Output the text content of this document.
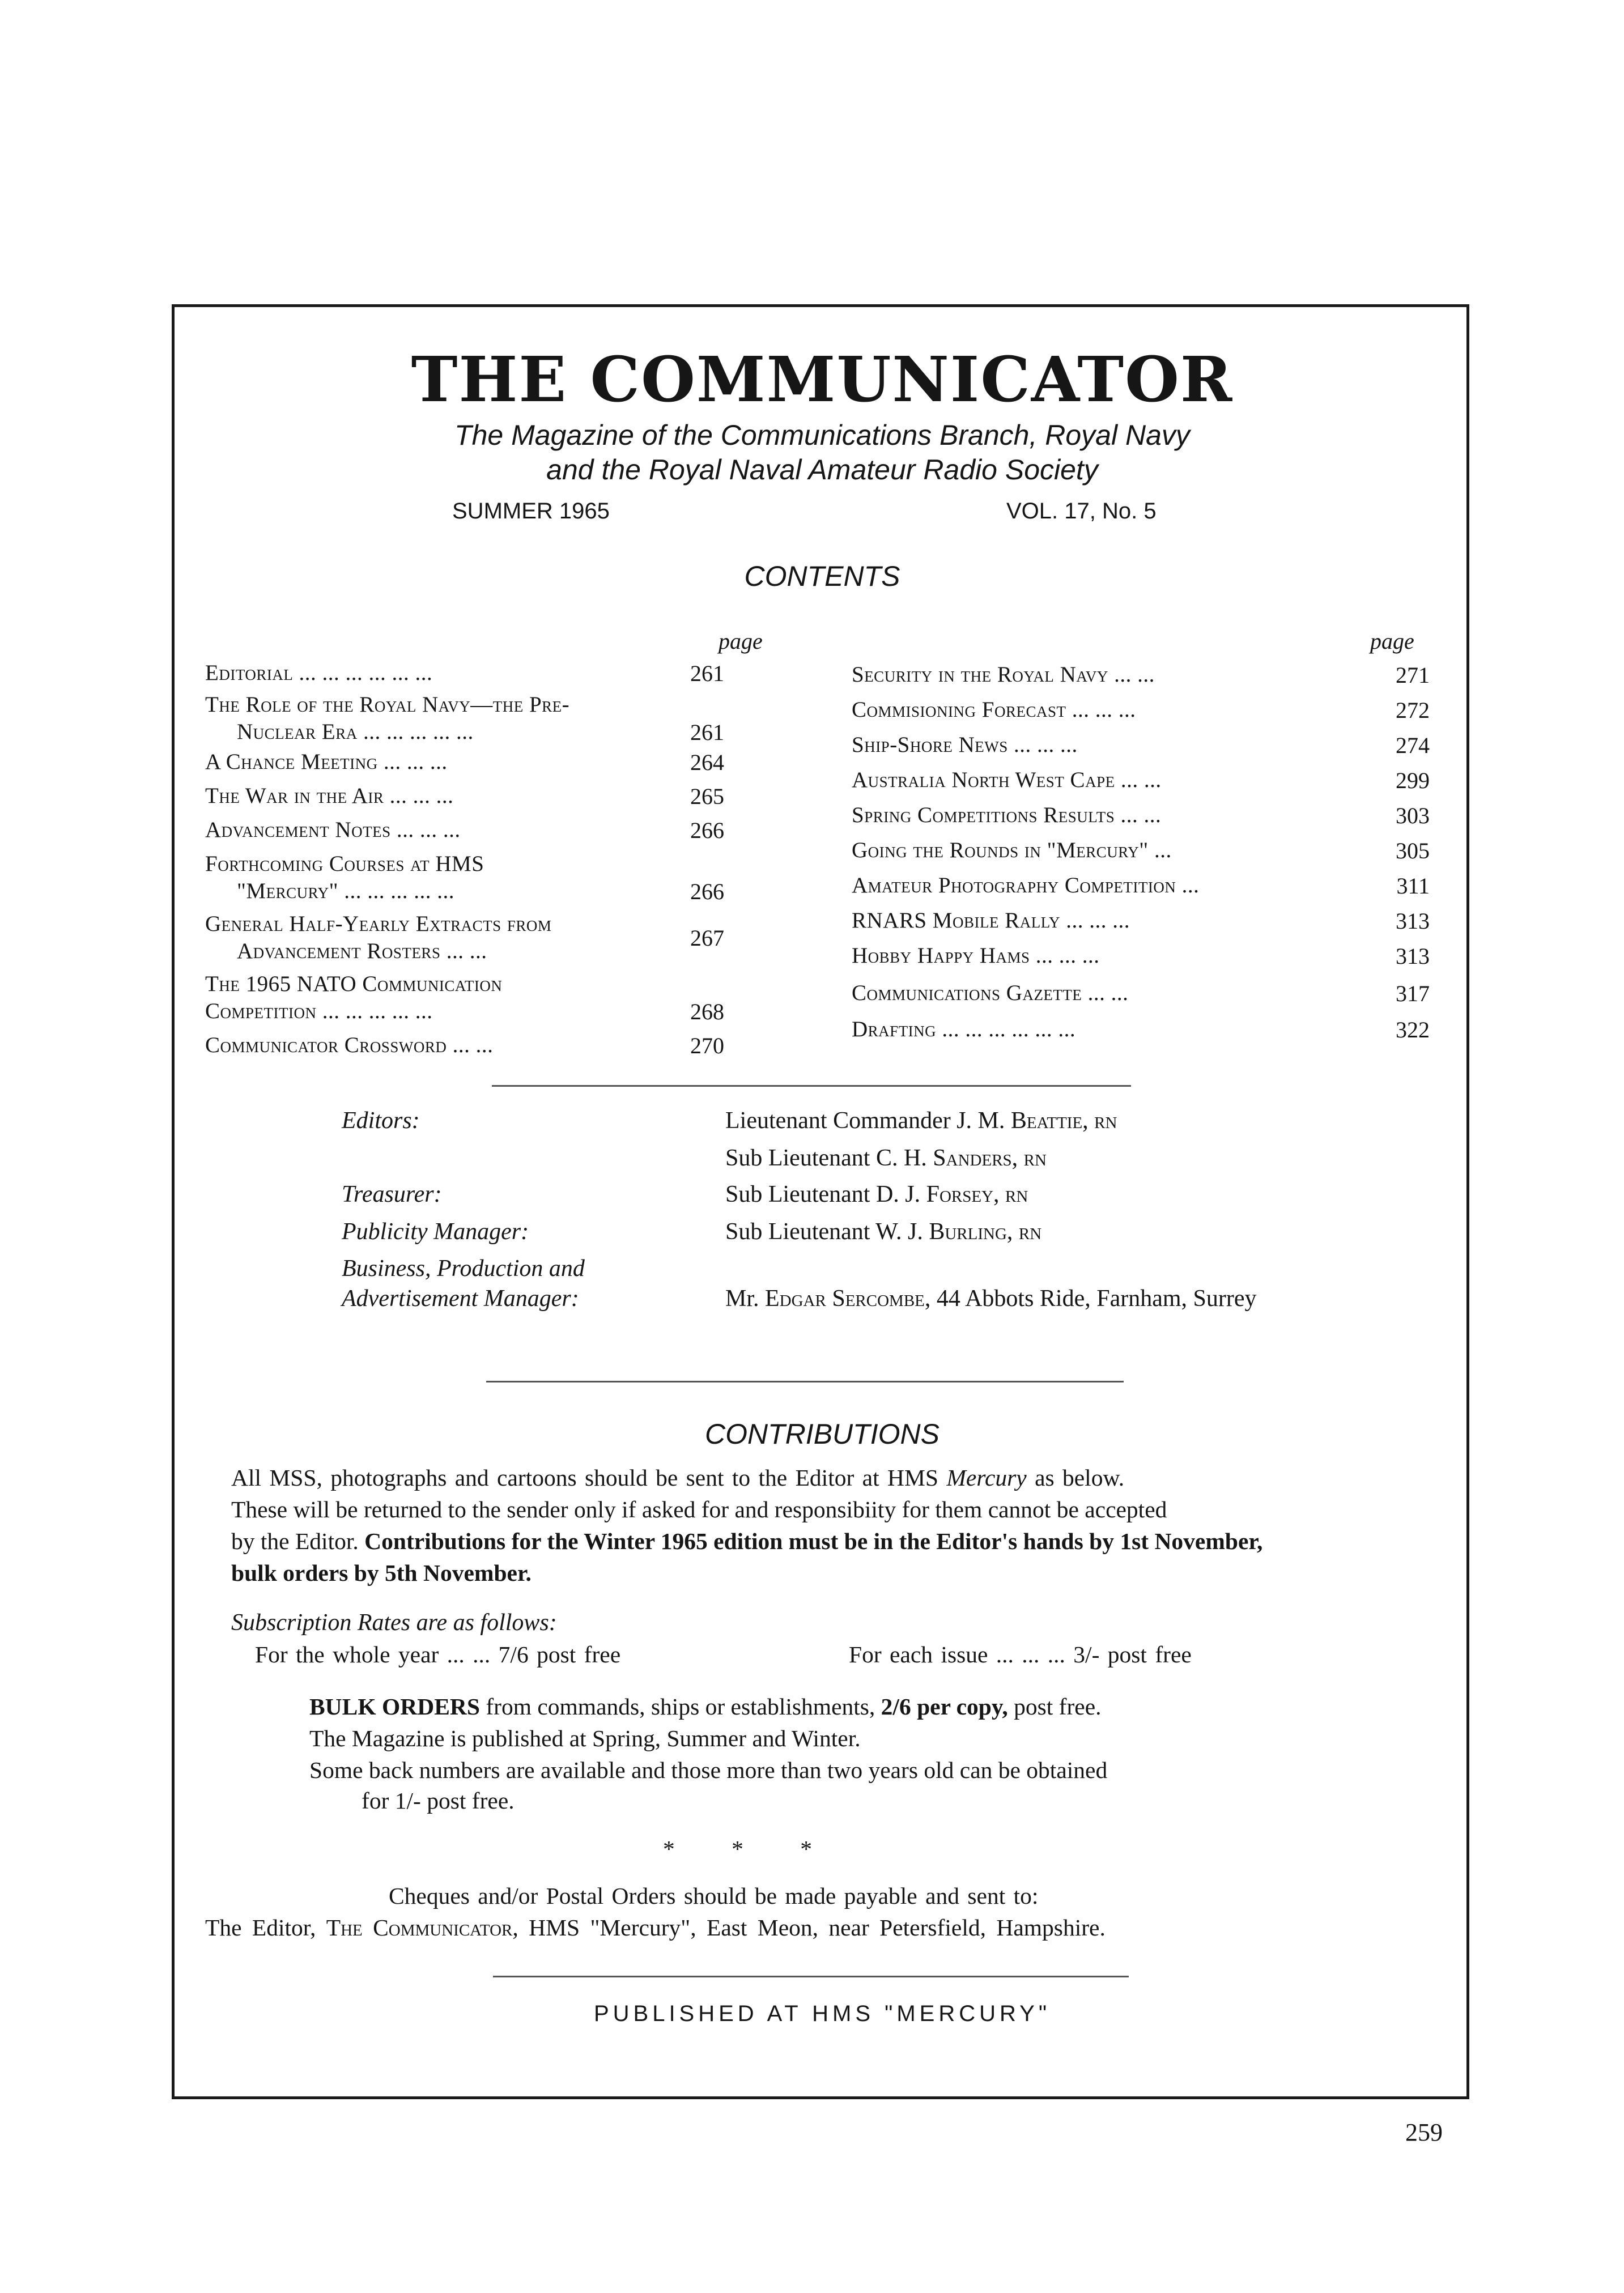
THE COMMUNICATOR
The Magazine of the Communications Branch, Royal Navy
and the Royal Naval Amateur Radio Society
SUMMER 1965	VOL. 17, No. 5
CONTENTS
page	page
Editorial ... ... ... ... ... ...	261
The Role of the Royal Navy—the Pre-
Nuclear Era ... ... ... ... ...	261
A Chance Meeting ... ... ...	264
The War in the Air ... ... ...	265
Advancement Notes ... ... ...	266
Forthcoming Courses at HMS
"Mercury" ... ... ... ... ...	266
General Half-Yearly Extracts from
Advancement Rosters ... ...
267
The 1965 NATO Communication
Competition ... ... ... ... ...	268
Communicator Crossword ... ...	270
Security in the Royal Navy ... ...	271
Commisioning Forecast ... ... ...	272
Ship-Shore News ... ... ...	274
Australia North West Cape ... ...	299
Spring Competitions Results ... ...	303
Going the Rounds in "Mercury" ...	305
Amateur Photography Competition ...	311
RNARS Mobile Rally ... ... ...	313
Hobby Happy Hams ... ... ...	313
Communications Gazette ... ...	317
Drafting ... ... ... ... ... ...	322
Editors:	Lieutenant Commander J. M. Beattie, rn
Sub Lieutenant C. H. Sanders, rn
Treasurer:	Sub Lieutenant D. J. Forsey, rn
Publicity Manager:	Sub Lieutenant W. J. Burling, rn
Business, Production and
Advertisement Manager:	Mr. Edgar Sercombe, 44 Abbots Ride, Farnham, Surrey
CONTRIBUTIONS
All MSS, photographs and cartoons should be sent to the Editor at HMS Mercury as below.
These will be returned to the sender only if asked for and responsibiity for them cannot be accepted
by the Editor. Contributions for the Winter 1965 edition must be in the Editor's hands by 1st November,
bulk orders by 5th November.
Subscription Rates are as follows:
For the whole year ... ... 7/6 post free	For each issue ... ... ... 3/- post free
BULK ORDERS from commands, ships or establishments, 2/6 per copy, post free.
The Magazine is published at Spring, Summer and Winter.
Some back numbers are available and those more than two years old can be obtained
for 1/- post free.
* * *
Cheques and/or Postal Orders should be made payable and sent to:
The Editor, The Communicator, HMS "Mercury", East Meon, near Petersfield, Hampshire.
PUBLISHED AT HMS "MERCURY"
259
